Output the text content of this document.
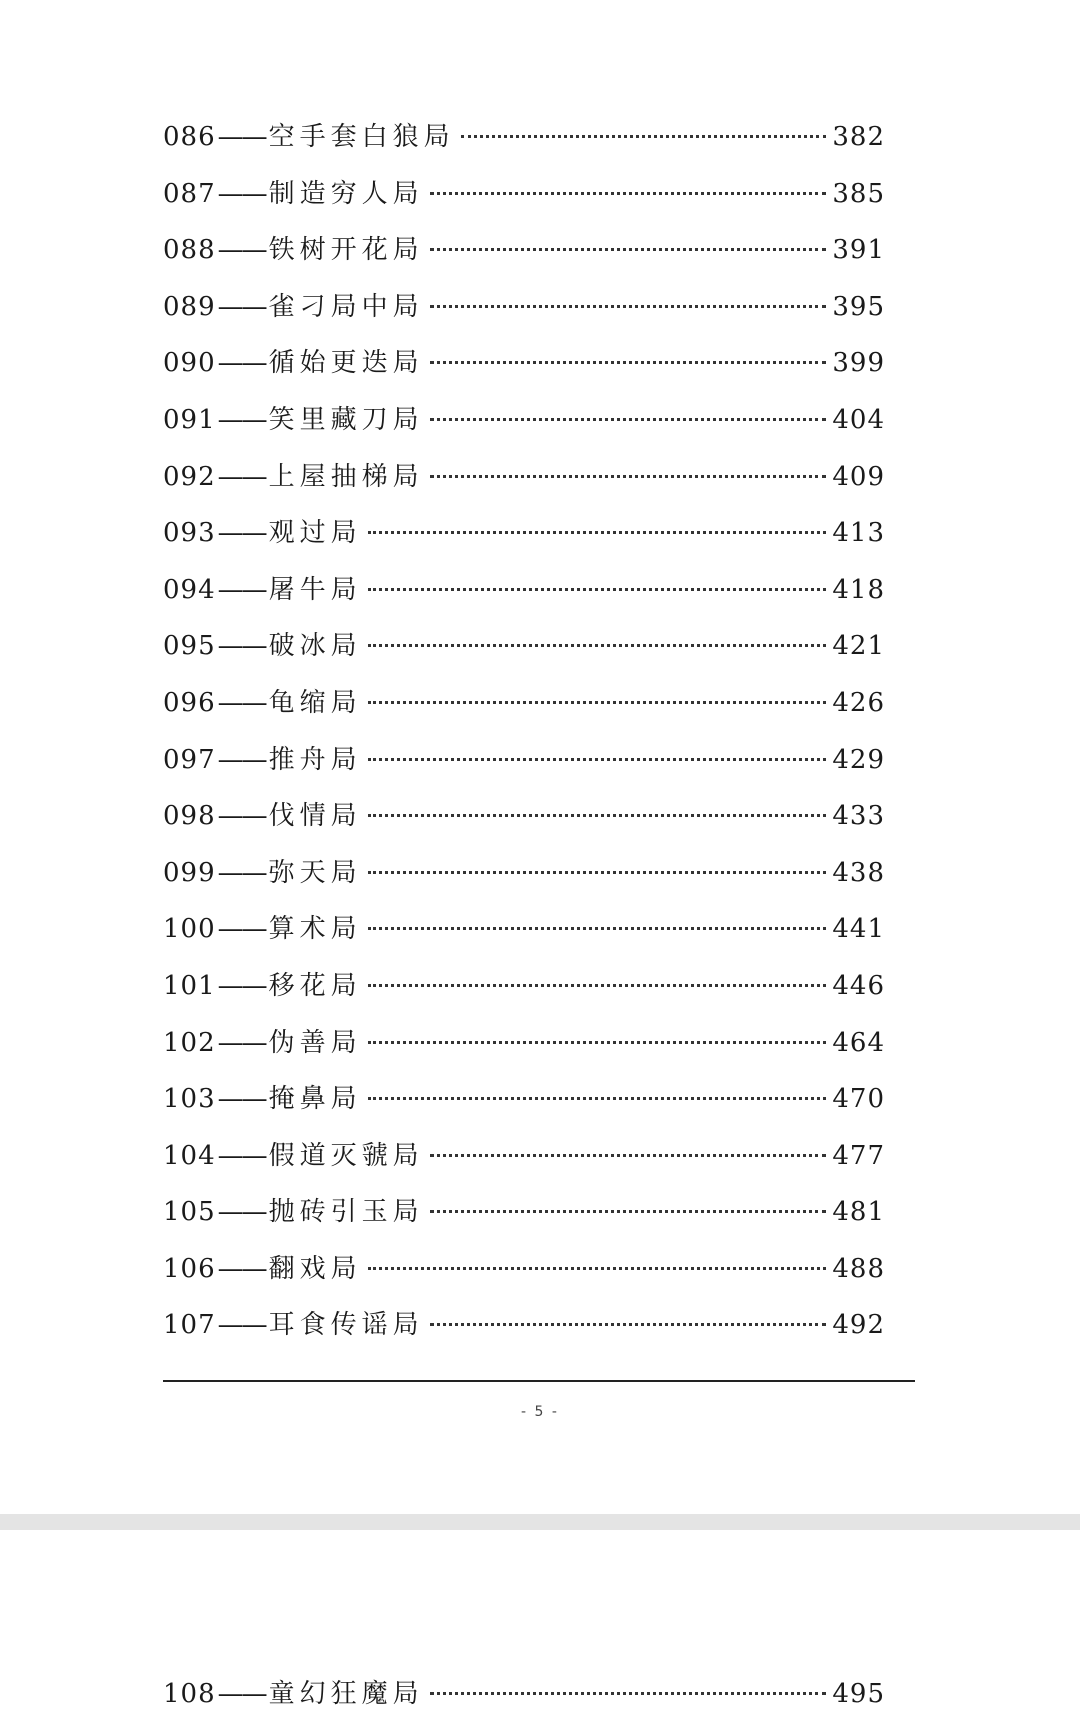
086 —— 空手套白狼局	382
087 —— 制造穷人局	385
088 —— 铁树开花局	391
089 —— 雀刁局中局	395
090 —— 循始更迭局	399
091 —— 笑里藏刀局	404
092 —— 上屋抽梯局	409
093 —— 观过局	413
094 —— 屠牛局	418
095 —— 破冰局	421
096 —— 龟缩局	426
097 —— 推舟局	429
098 —— 伐情局	433
099 —— 弥天局	438
100 —— 算术局	441
101 —— 移花局	446
102 —— 伪善局	464
103 —— 掩鼻局	470
104 —— 假道灭虢局	477
105 —— 抛砖引玉局	481
106 —— 翻戏局	488
107 —— 耳食传谣局	492
- 5 -
108 —— 童幻狂魔局	495
